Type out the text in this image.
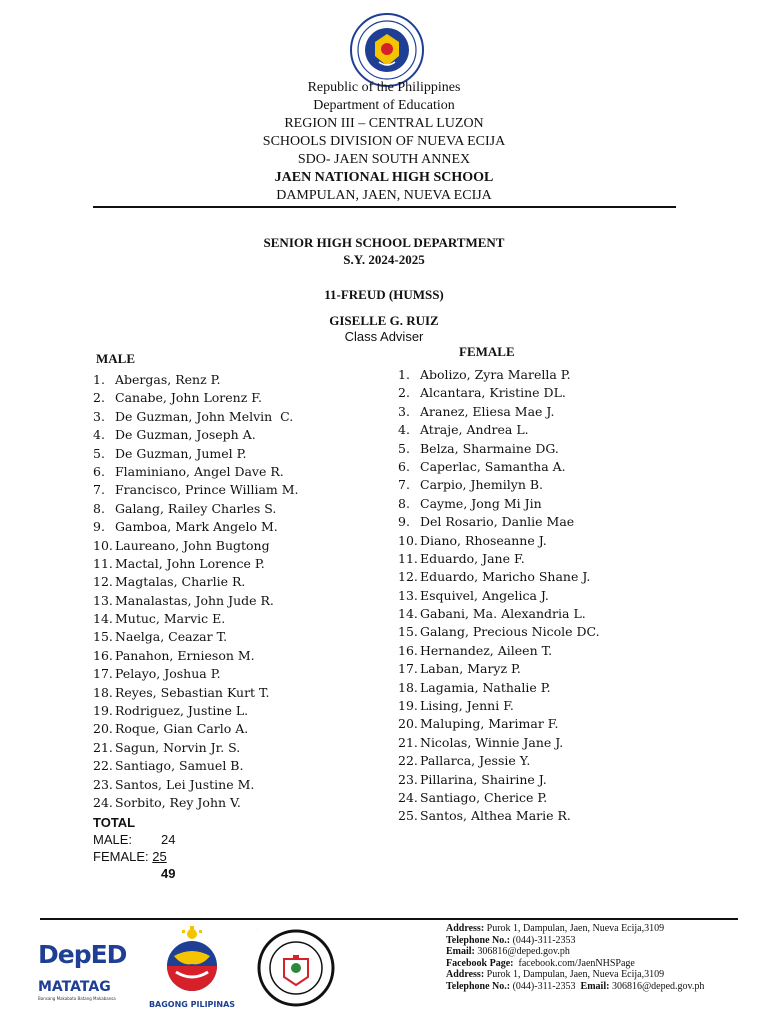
Republic of the Philippines
Department of Education
REGION III – CENTRAL LUZON
SCHOOLS DIVISION OF NUEVA ECIJA
SDO- JAEN SOUTH ANNEX
JAEN NATIONAL HIGH SCHOOL
DAMPULAN, JAEN, NUEVA ECIJA
SENIOR HIGH SCHOOL DEPARTMENT
S.Y. 2024-2025
11-FREUD (HUMSS)
GISELLE G. RUIZ
Class Adviser
MALE
1. Abergas, Renz P.
2. Canabe, John Lorenz F.
3. De Guzman, John Melvin  C.
4. De Guzman, Joseph A.
5. De Guzman, Jumel P.
6. Flaminiano, Angel Dave R.
7. Francisco, Prince William M.
8. Galang, Railey Charles S.
9. Gamboa, Mark Angelo M.
10. Laureano, John Bugtong
11. Mactal, John Lorence P.
12. Magtalas, Charlie R.
13. Manalastas, John Jude R.
14. Mutuc, Marvic E.
15. Naelga, Ceazar T.
16. Panahon, Ernieson M.
17. Pelayo, Joshua P.
18. Reyes, Sebastian Kurt T.
19. Rodriguez, Justine L.
20. Roque, Gian Carlo A.
21. Sagun, Norvin Jr. S.
22. Santiago, Samuel B.
23. Santos, Lei Justine M.
24. Sorbito, Rey John V.
FEMALE
1. Abolizo, Zyra Marella P.
2. Alcantara, Kristine DL.
3. Aranez, Eliesa Mae J.
4. Atraje, Andrea L.
5. Belza, Sharmaine DG.
6. Caperlac, Samantha A.
7. Carpio, Jhemilyn B.
8. Cayme, Jong Mi Jin
9. Del Rosario, Danlie Mae
10. Diano, Rhoseanne J.
11. Eduardo, Jane F.
12. Eduardo, Maricho Shane J.
13. Esquivel, Angelica J.
14. Gabani, Ma. Alexandria L.
15. Galang, Precious Nicole DC.
16. Hernandez, Aileen T.
17. Laban, Maryz P.
18. Lagamia, Nathalie P.
19. Lising, Jenni F.
20. Maluping, Marimar F.
21. Nicolas, Winnie Jane J.
22. Pallarca, Jessie Y.
23. Pillarina, Shairine J.
24. Santiago, Cherice P.
25. Santos, Althea Marie R.
TOTAL
MALE: 24
FEMALE: 25
49
DepED
MATATAG
Bansang Makabata Batang Makabansa
BAGONG PILIPINAS
Address: Purok 1, Dampulan, Jaen, Nueva Ecija,3109
Telephone No.: (044)-311-2353
Email: 306816@deped.gov.ph
Facebook Page:  facebook.com/JaenNHSPage
Address: Purok 1, Dampulan, Jaen, Nueva Ecija,3109
Telephone No.: (044)-311-2353  Email: 306816@deped.gov.ph
